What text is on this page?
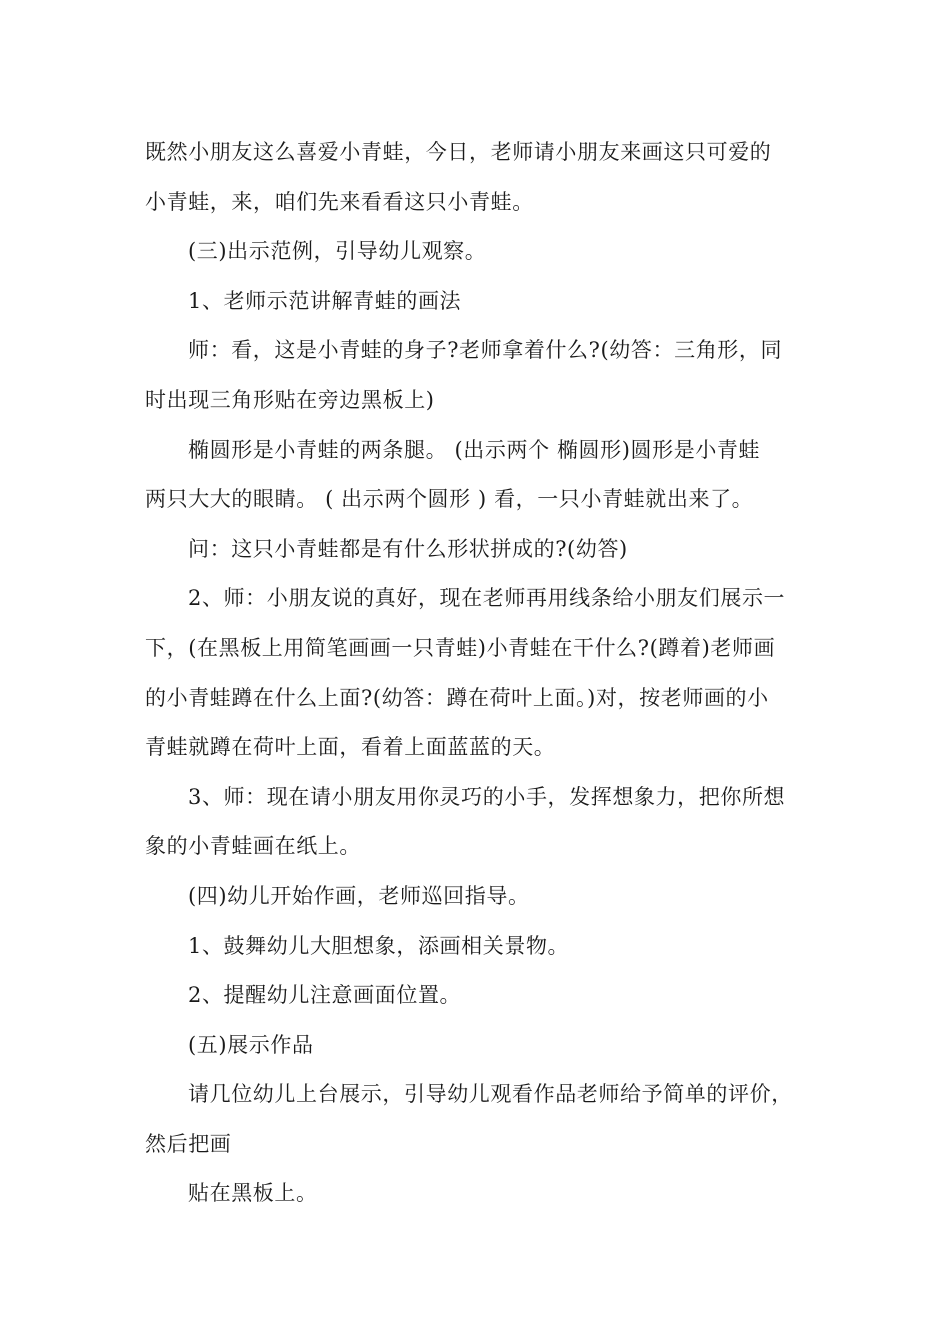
既然小朋友这么喜爱小青蛙，今日，老师请小朋友来画这只可爱的
小青蛙，来，咱们先来看看这只小青蛙。
(三)出示范例，引导幼儿观察。
1、老师示范讲解青蛙的画法
师：看，这是小青蛙的身子?老师拿着什么?(幼答：三角形，同
时出现三角形贴在旁边黑板上)
椭圆形是小青蛙的两条腿。 (出示两个 椭圆形)圆形是小青蛙
两只大大的眼睛。 ( 出示两个圆形 ) 看，一只小青蛙就出来了。
问：这只小青蛙都是有什么形状拼成的?(幼答)
2、师：小朋友说的真好，现在老师再用线条给小朋友们展示一
下，(在黑板上用简笔画画一只青蛙)小青蛙在干什么?(蹲着)老师画
的小青蛙蹲在什么上面?(幼答：蹲在荷叶上面。)对，按老师画的小
青蛙就蹲在荷叶上面，看着上面蓝蓝的天。
3、师：现在请小朋友用你灵巧的小手，发挥想象力，把你所想
象的小青蛙画在纸上。
(四)幼儿开始作画，老师巡回指导。
1、鼓舞幼儿大胆想象，添画相关景物。
2、提醒幼儿注意画面位置。
(五)展示作品
请几位幼儿上台展示，引导幼儿观看作品老师给予简单的评价，
然后把画
贴在黑板上。
